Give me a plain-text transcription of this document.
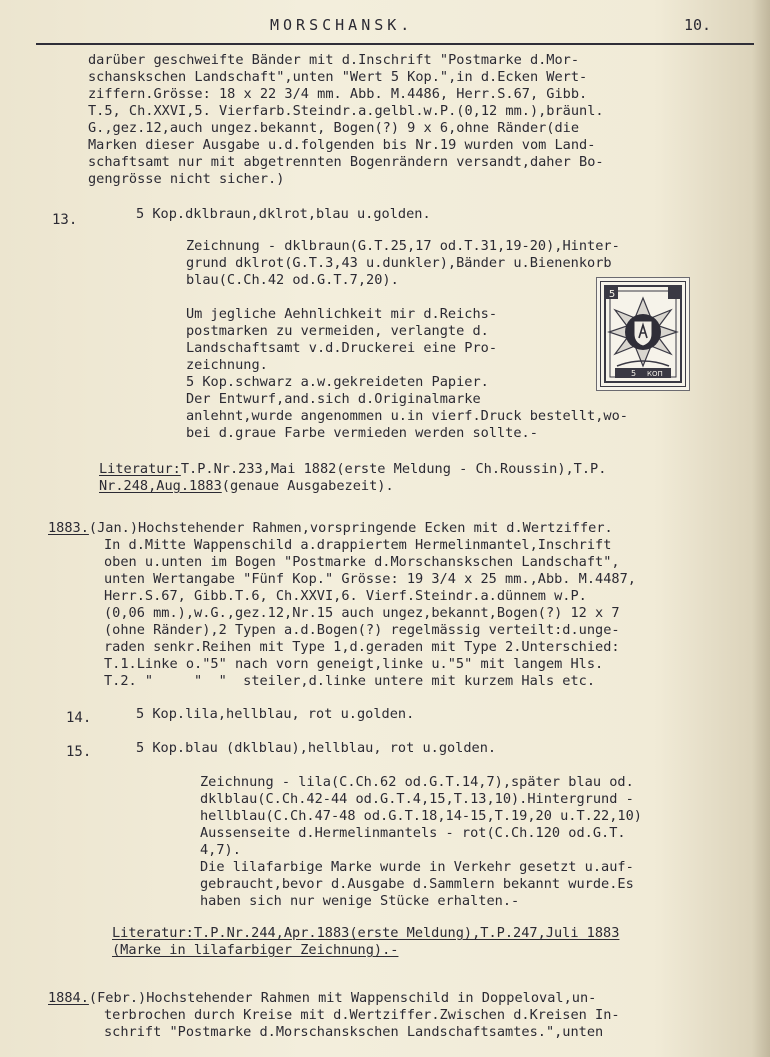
MORSCHANSK.	10.
darüber geschweifte Bänder mit d.Inschrift "Postmarke d.Mor-
schanskschen Landschaft",unten "Wert 5 Kop.",in d.Ecken Wert-
ziffern.Grösse: 18 x 22 3/4 mm. Abb. M.4486, Herr.S.67, Gibb.
T.5, Ch.XXVI,5. Vierfarb.Steindr.a.gelbl.w.P.(0,12 mm.),bräunl.
G.,gez.12,auch ungez.bekannt, Bogen(?) 9 x 6,ohne Ränder(die
Marken dieser Ausgabe u.d.folgenden bis Nr.19 wurden vom Land-
schaftsamt nur mit abgetrennten Bogenrändern versandt,daher Bo-
gengrösse nicht sicher.)
13.	5 Kop.dklbraun,dklrot,blau u.golden.
Zeichnung - dklbraun(G.T.25,17 od.T.31,19-20),Hinter-
grund dklrot(G.T.3,43 u.dunkler),Bänder u.Bienenkorb
blau(C.Ch.42 od.G.T.7,20).
Um jegliche Aehnlichkeit mir d.Reichs-
postmarken zu vermeiden, verlangte d.
Landschaftsamt v.d.Druckerei eine Pro-
zeichnung.
5 Kop.schwarz a.w.gekreideten Papier.
Der Entwurf,and.sich d.Originalmarke
anlehnt,wurde angenommen u.in vierf.Druck bestellt,wo-
bei d.graue Farbe vermieden werden sollte.-
5
5 КОП
Literatur:T.P.Nr.233,Mai 1882(erste Meldung - Ch.Roussin),T.P.
Nr.248,Aug.1883(genaue Ausgabezeit).
1883.(Jan.)Hochstehender Rahmen,vorspringende Ecken mit d.Wertziffer.
In d.Mitte Wappenschild a.drappiertem Hermelinmantel,Inschrift
oben u.unten im Bogen "Postmarke d.Morschanskschen Landschaft",
unten Wertangabe "Fünf Kop." Grösse: 19 3/4 x 25 mm.,Abb. M.4487,
Herr.S.67, Gibb.T.6, Ch.XXVI,6. Vierf.Steindr.a.dünnem w.P.
(0,06 mm.),w.G.,gez.12,Nr.15 auch ungez,bekannt,Bogen(?) 12 x 7
(ohne Ränder),2 Typen a.d.Bogen(?) regelmässig verteilt:d.unge-
raden senkr.Reihen mit Type 1,d.geraden mit Type 2.Unterschied:
T.1.Linke o."5" nach vorn geneigt,linke u."5" mit langem Hls.
T.2. "     "  "  steiler,d.linke untere mit kurzem Hals etc.
14.	5 Kop.lila,hellblau, rot u.golden.
15.	5 Kop.blau (dklblau),hellblau, rot u.golden.
Zeichnung - lila(C.Ch.62 od.G.T.14,7),später blau od.
dklblau(C.Ch.42-44 od.G.T.4,15,T.13,10).Hintergrund -
hellblau(C.Ch.47-48 od.G.T.18,14-15,T.19,20 u.T.22,10)
Aussenseite d.Hermelinmantels - rot(C.Ch.120 od.G.T.
4,7).
Die lilafarbige Marke wurde in Verkehr gesetzt u.auf-
gebraucht,bevor d.Ausgabe d.Sammlern bekannt wurde.Es
haben sich nur wenige Stücke erhalten.-
Literatur:T.P.Nr.244,Apr.1883(erste Meldung),T.P.247,Juli 1883
(Marke in lilafarbiger Zeichnung).-
1884.(Febr.)Hochstehender Rahmen mit Wappenschild in Doppeloval,un-
terbrochen durch Kreise mit d.Wertziffer.Zwischen d.Kreisen In-
schrift "Postmarke d.Morschanskschen Landschaftsamtes.",unten
